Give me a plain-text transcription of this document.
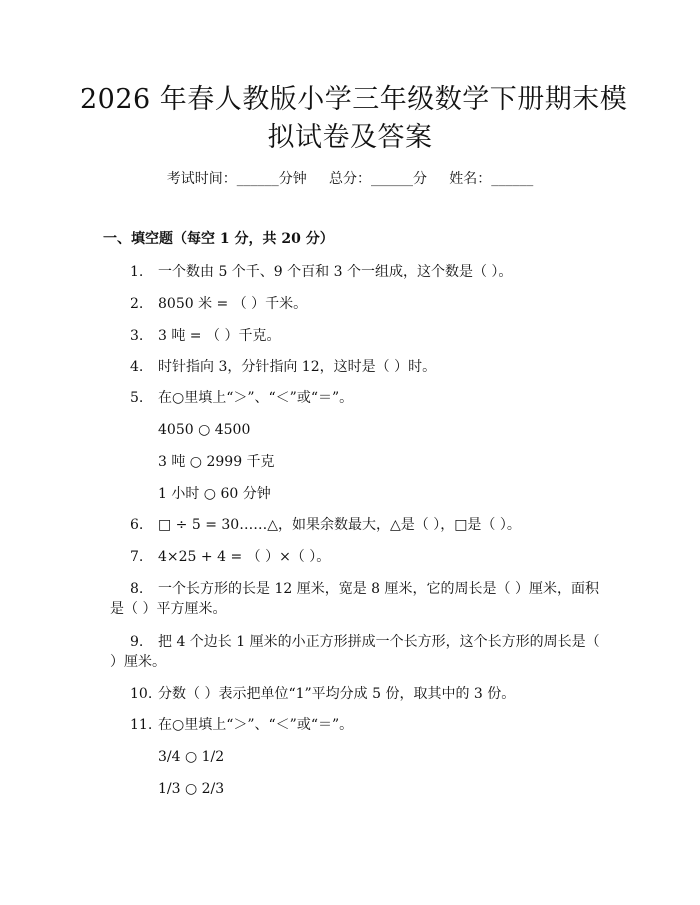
2026 年春人教版小学三年级数学下册期末模
拟试卷及答案
考试时间：______分钟     总分：______分     姓名：______
一、填空题（每空 1 分，共 20 分）
1. 一个数由 5 个千、9 个百和 3 个一组成，这个数是（ ）。
2. 8050 米 = （ ）千米。
3. 3 吨 = （ ）千克。
4. 时针指向 3，分针指向 12，这时是（ ）时。
5. 在○里填上“＞”、“＜”或“＝”。
4050 ○ 4500
3 吨 ○ 2999 千克
1 小时 ○ 60 分钟
6. □ ÷ 5 = 30……△，如果余数最大，△是（ ），□是（ ）。
7. 4×25 + 4 = （ ）×（ ）。
8. 一个长方形的长是 12 厘米，宽是 8 厘米，它的周长是（ ）厘米，面积是（ ）平方厘米。
9. 把 4 个边长 1 厘米的小正方形拼成一个长方形，这个长方形的周长是（ ）厘米。
10. 分数（ ）表示把单位“1”平均分成 5 份，取其中的 3 份。
11. 在○里填上“＞”、“＜”或“＝”。
3/4 ○ 1/2
1/3 ○ 2/3
